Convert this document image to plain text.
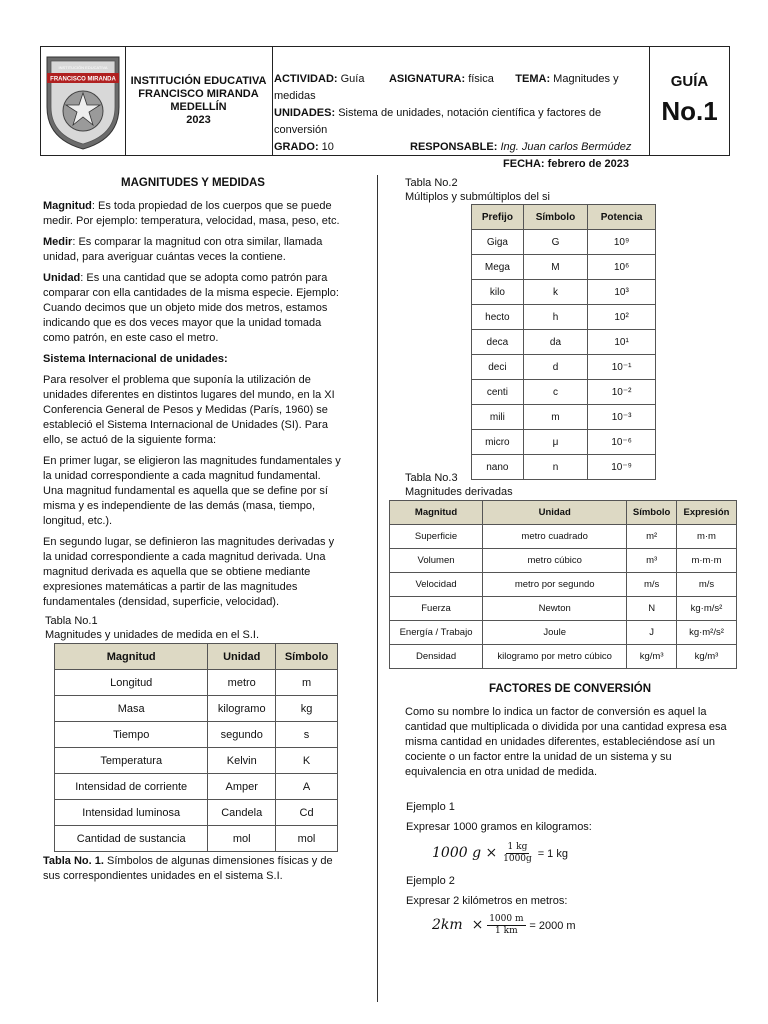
FRANCISCO MIRANDA
INSTITUCIÓN EDUCATIVA
INSTITUCIÓN EDUCATIVA
FRANCISCO MIRANDA
MEDELLÍN
2023
ACTIVIDAD: Guía ASIGNATURA: física TEMA: Magnitudes y medidas
UNIDADES: Sistema de unidades, notación científica y factores de conversión
GRADO: 10	RESPONSABLE: Ing. Juan carlos Bermúdez
FECHA: febrero de 2023
GUÍA
No.1
MAGNITUDES Y MEDIDAS

Magnitud: Es toda propiedad de los cuerpos que se puede medir. Por ejemplo: temperatura, velocidad, masa, peso, etc.

Medir: Es comparar la magnitud con otra similar, llamada unidad, para averiguar cuántas veces la contiene.

Unidad: Es una cantidad que se adopta como patrón para comparar con ella cantidades de la misma especie. Ejemplo: Cuando decimos que un objeto mide dos metros, estamos indicando que es dos veces mayor que la unidad tomada como patrón, en este caso el metro.

Sistema Internacional de unidades:

Para resolver el problema que suponía la utilización de unidades diferentes en distintos lugares del mundo, en la XI Conferencia General de Pesos y Medidas (París, 1960) se estableció el Sistema Internacional de Unidades (SI). Para ello, se actuó de la siguiente forma:

En primer lugar, se eligieron las magnitudes fundamentales y la unidad correspondiente a cada magnitud fundamental. Una magnitud fundamental es aquella que se define por sí misma y es independiente de las demás (masa, tiempo, longitud, etc.).

En segundo lugar, se definieron las magnitudes derivadas y la unidad correspondiente a cada magnitud derivada. Una magnitud derivada es aquella que se obtiene mediante expresiones matemáticas a partir de las magnitudes fundamentales (densidad, superficie, velocidad).

Tabla No.1
Magnitudes y unidades de medida en el S.I.
Magnitud	Unidad	Símbolo
Longitud	metro	m
Masa	kilogramo	kg
Tiempo	segundo	s
Temperatura	Kelvin	K
Intensidad de corriente	Amper	A
Intensidad luminosa	Candela	Cd
Cantidad de sustancia	mol	mol
Tabla No. 1. Símbolos de algunas dimensiones físicas y de sus correspondientes unidades en el sistema S.I.
Tabla No.2
Múltiplos y submúltiplos del si
Prefijo	Símbolo	Potencia
Giga	G	10⁹
Mega	M	10⁶
kilo	k	10³
hecto	h	10²
deca	da	10¹
deci	d	10⁻¹
centi	c	10⁻²
mili	m	10⁻³
micro	μ	10⁻⁶
nano	n	10⁻⁹
Tabla No.3
Magnitudes derivadas
Magnitud	Unidad	Símbolo	Expresión
Superficie	metro cuadrado	m²	m·m
Volumen	metro cúbico	m³	m·m·m
Velocidad	metro por segundo	m/s	m/s
Fuerza	Newton	N	kg·m/s²
Energía / Trabajo	Joule	J	kg·m²/s²
Densidad	kilogramo por metro cúbico	kg/m³	kg/m³
FACTORES DE CONVERSIÓN

Como su nombre lo indica un factor de conversión es aquel la cantidad que multiplicada o dividida por una cantidad expresa esa misma cantidad en unidades diferentes, estableciéndose así un cociente o un factor entre la unidad de un sistema y su equivalencia en otra unidad de medida.

Ejemplo 1
Expresar 1000 gramos en kilogramos:
1000 $g \times \frac{1 kg}{1000g} = 1$ kg
Ejemplo 2
Expresar 2 kilómetros en metros:
$2km \times \frac{1000 m}{1 km} = 2000$ m
